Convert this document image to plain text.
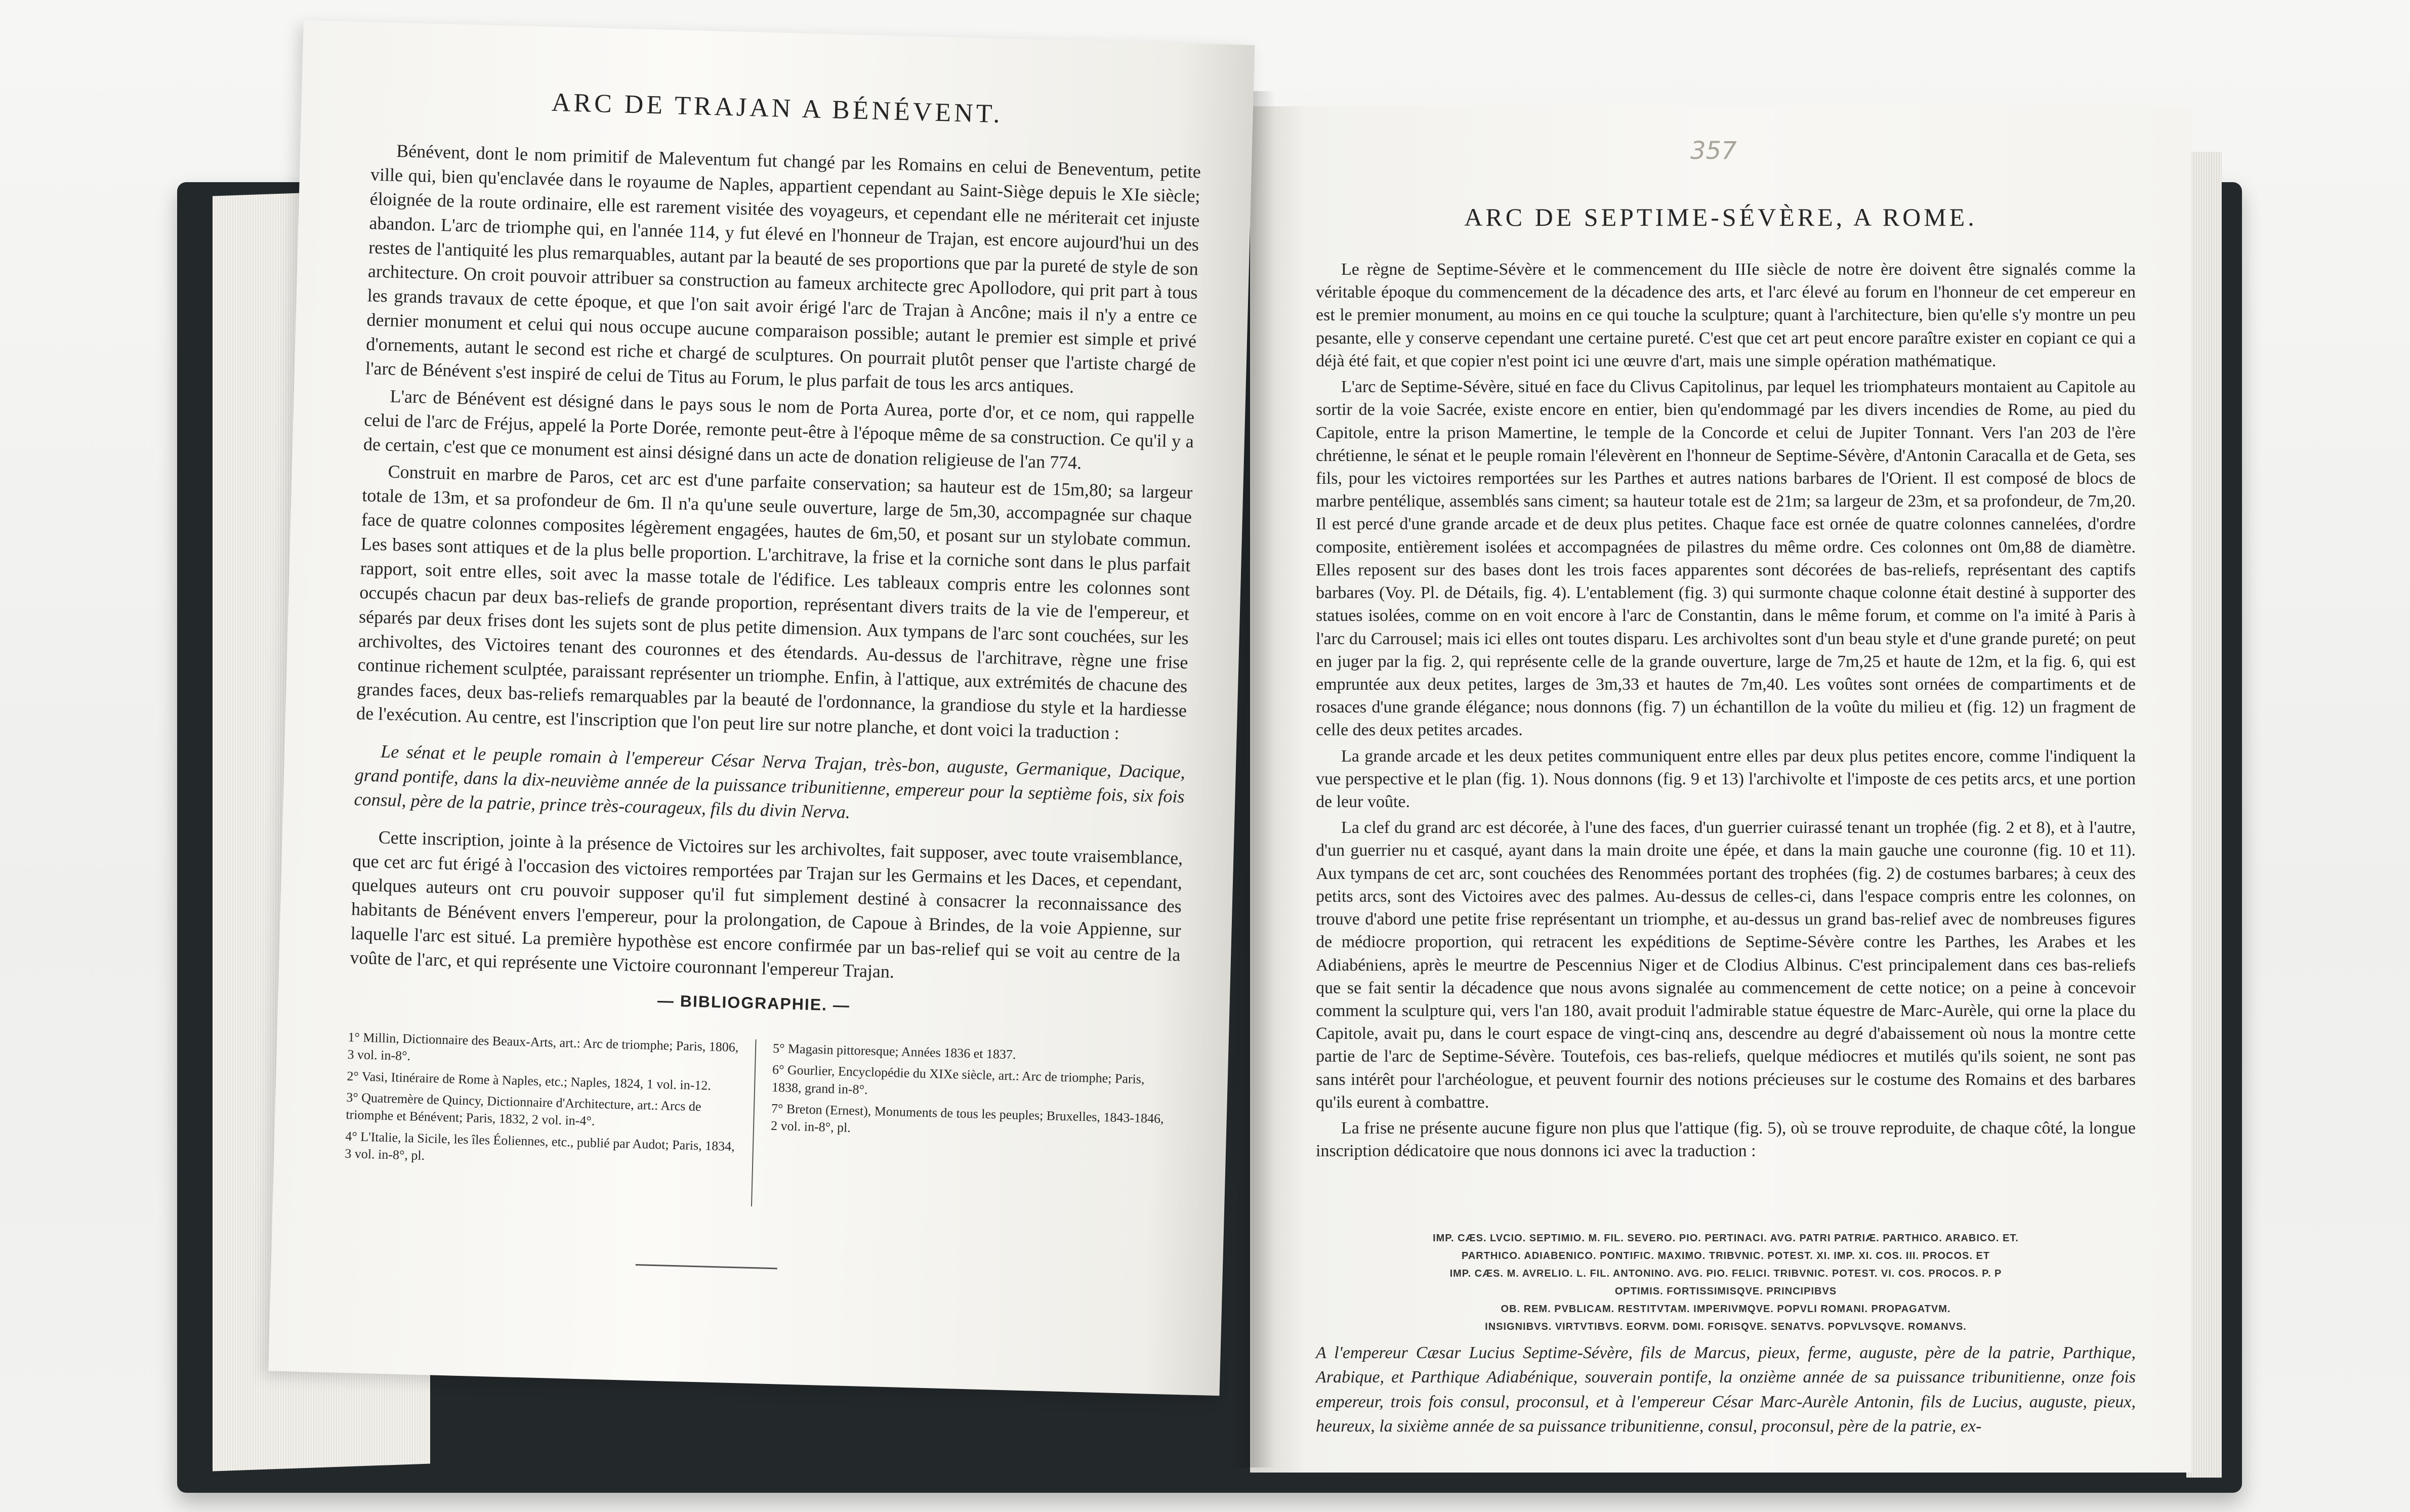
357
ARC DE SEPTIME-SÉVÈRE, A ROME.

Le règne de Septime-Sévère et le commencement du IIIe siècle de notre ère doivent être signalés comme la véritable époque du commencement de la décadence des arts, et l'arc élevé au forum en l'honneur de cet empereur en est le premier monument, au moins en ce qui touche la sculpture; quant à l'architecture, bien qu'elle s'y montre un peu pesante, elle y conserve cependant une certaine pureté. C'est que cet art peut encore paraître exister en copiant ce qui a déjà été fait, et que copier n'est point ici une œuvre d'art, mais une simple opération mathématique.

L'arc de Septime-Sévère, situé en face du Clivus Capitolinus, par lequel les triomphateurs montaient au Capitole au sortir de la voie Sacrée, existe encore en entier, bien qu'endommagé par les divers incendies de Rome, au pied du Capitole, entre la prison Mamertine, le temple de la Concorde et celui de Jupiter Tonnant. Vers l'an 203 de l'ère chrétienne, le sénat et le peuple romain l'élevèrent en l'honneur de Septime-Sévère, d'Antonin Caracalla et de Geta, ses fils, pour les victoires remportées sur les Parthes et autres nations barbares de l'Orient. Il est composé de blocs de marbre pentélique, assemblés sans ciment; sa hauteur totale est de 21m; sa largeur de 23m, et sa profondeur, de 7m,20. Il est percé d'une grande arcade et de deux plus petites. Chaque face est ornée de quatre colonnes cannelées, d'ordre composite, entièrement isolées et accompagnées de pilastres du même ordre. Ces colonnes ont 0m,88 de diamètre. Elles reposent sur des bases dont les trois faces apparentes sont décorées de bas-reliefs, représentant des captifs barbares (Voy. Pl. de Détails, fig. 4). L'entablement (fig. 3) qui surmonte chaque colonne était destiné à supporter des statues isolées, comme on en voit encore à l'arc de Constantin, dans le même forum, et comme on l'a imité à Paris à l'arc du Carrousel; mais ici elles ont toutes disparu. Les archivoltes sont d'un beau style et d'une grande pureté; on peut en juger par la fig. 2, qui représente celle de la grande ouverture, large de 7m,25 et haute de 12m, et la fig. 6, qui est empruntée aux deux petites, larges de 3m,33 et hautes de 7m,40. Les voûtes sont ornées de compartiments et de rosaces d'une grande élégance; nous donnons (fig. 7) un échantillon de la voûte du milieu et (fig. 12) un fragment de celle des deux petites arcades.

La grande arcade et les deux petites communiquent entre elles par deux plus petites encore, comme l'indiquent la vue perspective et le plan (fig. 1). Nous donnons (fig. 9 et 13) l'archivolte et l'imposte de ces petits arcs, et une portion de leur voûte.

La clef du grand arc est décorée, à l'une des faces, d'un guerrier cuirassé tenant un trophée (fig. 2 et 8), et à l'autre, d'un guerrier nu et casqué, ayant dans la main droite une épée, et dans la main gauche une couronne (fig. 10 et 11). Aux tympans de cet arc, sont couchées des Renommées portant des trophées (fig. 2) de costumes barbares; à ceux des petits arcs, sont des Victoires avec des palmes. Au-dessus de celles-ci, dans l'espace compris entre les colonnes, on trouve d'abord une petite frise représentant un triomphe, et au-dessus un grand bas-relief avec de nombreuses figures de médiocre proportion, qui retracent les expéditions de Septime-Sévère contre les Parthes, les Arabes et les Adiabéniens, après le meurtre de Pescennius Niger et de Clodius Albinus. C'est principalement dans ces bas-reliefs que se fait sentir la décadence que nous avons signalée au commencement de cette notice; on a peine à concevoir comment la sculpture qui, vers l'an 180, avait produit l'admirable statue équestre de Marc-Aurèle, qui orne la place du Capitole, avait pu, dans le court espace de vingt-cinq ans, descendre au degré d'abaissement où nous la montre cette partie de l'arc de Septime-Sévère. Toutefois, ces bas-reliefs, quelque médiocres et mutilés qu'ils soient, ne sont pas sans intérêt pour l'archéologue, et peuvent fournir des notions précieuses sur le costume des Romains et des barbares qu'ils eurent à combattre.

La frise ne présente aucune figure non plus que l'attique (fig. 5), où se trouve reproduite, de chaque côté, la longue inscription dédicatoire que nous donnons ici avec la traduction :

IMP. CÆS. LVCIO. SEPTIMIO. M. FIL. SEVERO. PIO. PERTINACI. AVG. PATRI PATRIÆ. PARTHICO. ARABICO. ET.
PARTHICO. ADIABENICO. PONTIFIC. MAXIMO. TRIBVNIC. POTEST. XI. IMP. XI. COS. III. PROCOS. ET
IMP. CÆS. M. AVRELIO. L. FIL. ANTONINO. AVG. PIO. FELICI. TRIBVNIC. POTEST. VI. COS. PROCOS. P. P
OPTIMIS. FORTISSIMISQVE. PRINCIPIBVS
OB. REM. PVBLICAM. RESTITVTAM. IMPERIVMQVE. POPVLI ROMANI. PROPAGATVM.
INSIGNIBVS. VIRTVTIBVS. EORVM. DOMI. FORISQVE. SENATVS. POPVLVSQVE. ROMANVS.
A l'empereur Cæsar Lucius Septime-Sévère, fils de Marcus, pieux, ferme, auguste, père de la patrie, Parthique, Arabique, et Parthique Adiabénique, souverain pontife, la onzième année de sa puissance tribunitienne, onze fois empereur, trois fois consul, proconsul, et à l'empereur César Marc-Aurèle Antonin, fils de Lucius, auguste, pieux, heureux, la sixième année de sa puissance tribunitienne, consul, proconsul, père de la patrie, ex-
ARC DE TRAJAN A BÉNÉVENT.

Bénévent, dont le nom primitif de Maleventum fut changé par les Romains en celui de Beneventum, petite ville qui, bien qu'enclavée dans le royaume de Naples, appartient cependant au Saint-Siège depuis le XIe siècle; éloignée de la route ordinaire, elle est rarement visitée des voyageurs, et cependant elle ne mériterait cet injuste abandon. L'arc de triomphe qui, en l'année 114, y fut élevé en l'honneur de Trajan, est encore aujourd'hui un des restes de l'antiquité les plus remarquables, autant par la beauté de ses proportions que par la pureté de style de son architecture. On croit pouvoir attribuer sa construction au fameux architecte grec Apollodore, qui prit part à tous les grands travaux de cette époque, et que l'on sait avoir érigé l'arc de Trajan à Ancône; mais il n'y a entre ce dernier monument et celui qui nous occupe aucune comparaison possible; autant le premier est simple et privé d'ornements, autant le second est riche et chargé de sculptures. On pourrait plutôt penser que l'artiste chargé de l'arc de Bénévent s'est inspiré de celui de Titus au Forum, le plus parfait de tous les arcs antiques.

L'arc de Bénévent est désigné dans le pays sous le nom de Porta Aurea, porte d'or, et ce nom, qui rappelle celui de l'arc de Fréjus, appelé la Porte Dorée, remonte peut-être à l'époque même de sa construction. Ce qu'il y a de certain, c'est que ce monument est ainsi désigné dans un acte de donation religieuse de l'an 774.

Construit en marbre de Paros, cet arc est d'une parfaite conservation; sa hauteur est de 15m,80; sa largeur totale de 13m, et sa profondeur de 6m. Il n'a qu'une seule ouverture, large de 5m,30, accompagnée sur chaque face de quatre colonnes composites légèrement engagées, hautes de 6m,50, et posant sur un stylobate commun. Les bases sont attiques et de la plus belle proportion. L'architrave, la frise et la corniche sont dans le plus parfait rapport, soit entre elles, soit avec la masse totale de l'édifice. Les tableaux compris entre les colonnes sont occupés chacun par deux bas-reliefs de grande proportion, représentant divers traits de la vie de l'empereur, et séparés par deux frises dont les sujets sont de plus petite dimension. Aux tympans de l'arc sont couchées, sur les archivoltes, des Victoires tenant des couronnes et des étendards. Au-dessus de l'architrave, règne une frise continue richement sculptée, paraissant représenter un triomphe. Enfin, à l'attique, aux extrémités de chacune des grandes faces, deux bas-reliefs remarquables par la beauté de l'ordonnance, la grandiose du style et la hardiesse de l'exécution. Au centre, est l'inscription que l'on peut lire sur notre planche, et dont voici la traduction :

Le sénat et le peuple romain à l'empereur César Nerva Trajan, très-bon, auguste, Germanique, Dacique, grand pontife, dans la dix-neuvième année de la puissance tribunitienne, empereur pour la septième fois, six fois consul, père de la patrie, prince très-courageux, fils du divin Nerva.

Cette inscription, jointe à la présence de Victoires sur les archivoltes, fait supposer, avec toute vraisemblance, que cet arc fut érigé à l'occasion des victoires remportées par Trajan sur les Germains et les Daces, et cependant, quelques auteurs ont cru pouvoir supposer qu'il fut simplement destiné à consacrer la reconnaissance des habitants de Bénévent envers l'empereur, pour la prolongation, de Capoue à Brindes, de la voie Appienne, sur laquelle l'arc est situé. La première hypothèse est encore confirmée par un bas-relief qui se voit au centre de la voûte de l'arc, et qui représente une Victoire couronnant l'empereur Trajan.

— BIBLIOGRAPHIE. —
1° Millin, Dictionnaire des Beaux-Arts, art.: Arc de triomphe; Paris, 1806, 3 vol. in-8°.
2° Vasi, Itinéraire de Rome à Naples, etc.; Naples, 1824, 1 vol. in-12.
3° Quatremère de Quincy, Dictionnaire d'Architecture, art.: Arcs de triomphe et Bénévent; Paris, 1832, 2 vol. in-4°.
4° L'Italie, la Sicile, les îles Éoliennes, etc., publié par Audot; Paris, 1834, 3 vol. in-8°, pl.
5° Magasin pittoresque; Années 1836 et 1837.
6° Gourlier, Encyclopédie du XIXe siècle, art.: Arc de triomphe; Paris, 1838, grand in-8°.
7° Breton (Ernest), Monuments de tous les peuples; Bruxelles, 1843-1846, 2 vol. in-8°, pl.
